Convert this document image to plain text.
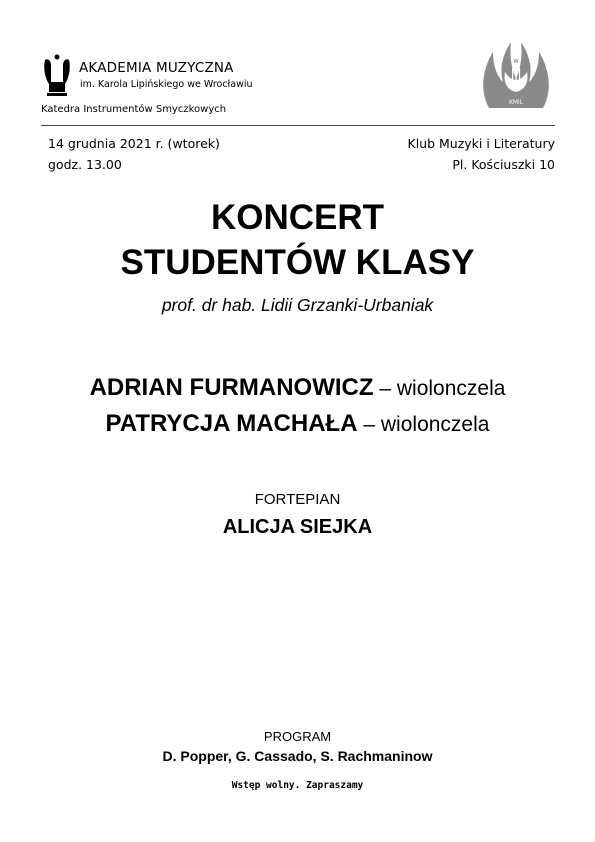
AKADEMIA MUZYCZNA
im. Karola Lipińskiego we Wrocławiu
Katedra Instrumentów Smyczkowych
W
KMiL
14 grudnia 2021 r. (wtorek)
godz. 13.00
Klub Muzyki i Literatury
Pl. Kościuszki 10
KONCERT
STUDENTÓW KLASY
prof. dr hab. Lidii Grzanki-Urbaniak
ADRIAN FURMANOWICZ – wiolonczela
PATRYCJA MACHAŁA – wiolonczela
FORTEPIAN
ALICJA SIEJKA
PROGRAM
D. Popper, G. Cassado, S. Rachmaninow
Wstęp wolny. Zapraszamy
